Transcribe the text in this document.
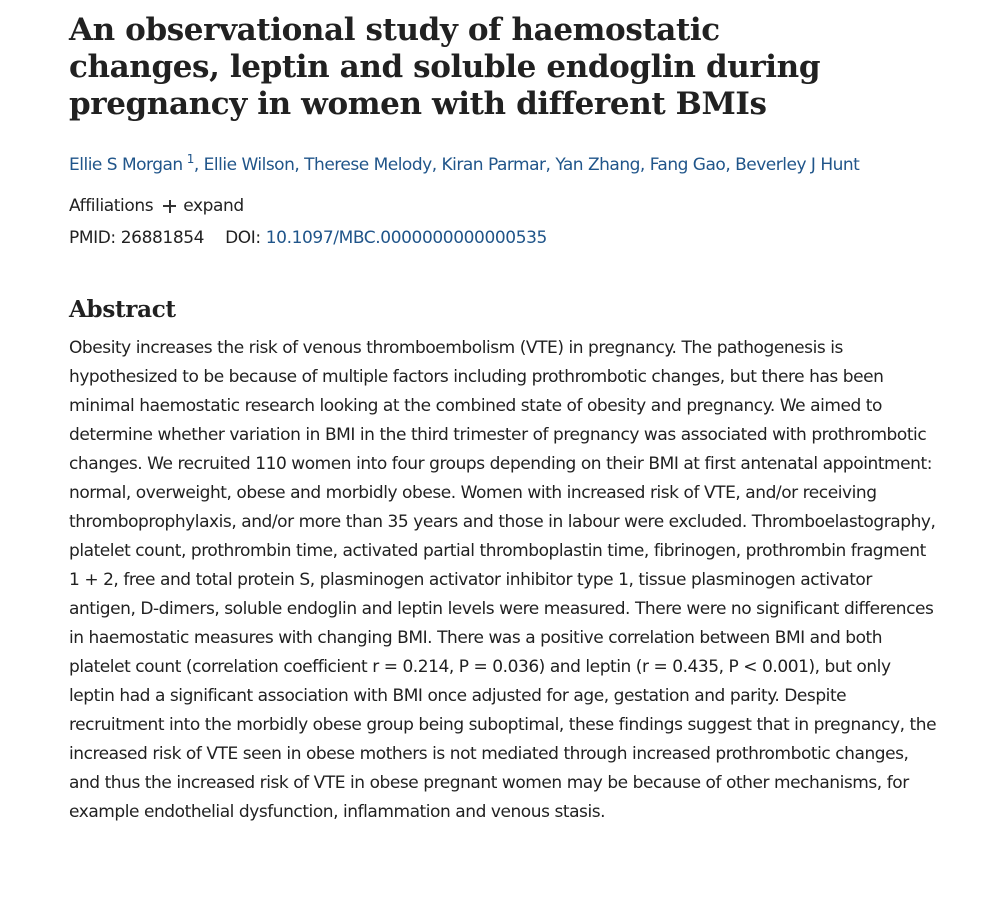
An observational study of haemostatic changes, leptin and soluble endoglin during pregnancy in women with different BMIs
Ellie S Morgan $^1$, Ellie Wilson, Therese Melody, Kiran Parmar, Yan Zhang, Fang Gao, Beverley J Hunt
Affiliations expand
PMID: 26881854 DOI: 10.1097/MBC.0000000000000535
Abstract
Obesity increases the risk of venous thromboembolism (VTE) in pregnancy. The pathogenesis is hypothesized to be because of multiple factors including prothrombotic changes, but there has been minimal haemostatic research looking at the combined state of obesity and pregnancy. We aimed to determine whether variation in BMI in the third trimester of pregnancy was associated with prothrombotic changes. We recruited 110 women into four groups depending on their BMI at first antenatal appointment: normal, overweight, obese and morbidly obese. Women with increased risk of VTE, and/or receiving thromboprophylaxis, and/or more than 35 years and those in labour were excluded. Thromboelastography, platelet count, prothrombin time, activated partial thromboplastin time, fibrinogen, prothrombin fragment 1 + 2, free and total protein S, plasminogen activator inhibitor type 1, tissue plasminogen activator antigen, D-dimers, soluble endoglin and leptin levels were measured. There were no significant differences in haemostatic measures with changing BMI. There was a positive correlation between BMI and both platelet count (correlation coefficient r = 0.214, P = 0.036) and leptin (r = 0.435, P < 0.001), but only leptin had a significant association with BMI once adjusted for age, gestation and parity. Despite recruitment into the morbidly obese group being suboptimal, these findings suggest that in pregnancy, the increased risk of VTE seen in obese mothers is not mediated through increased prothrombotic changes, and thus the increased risk of VTE in obese pregnant women may be because of other mechanisms, for example endothelial dysfunction, inflammation and venous stasis.
